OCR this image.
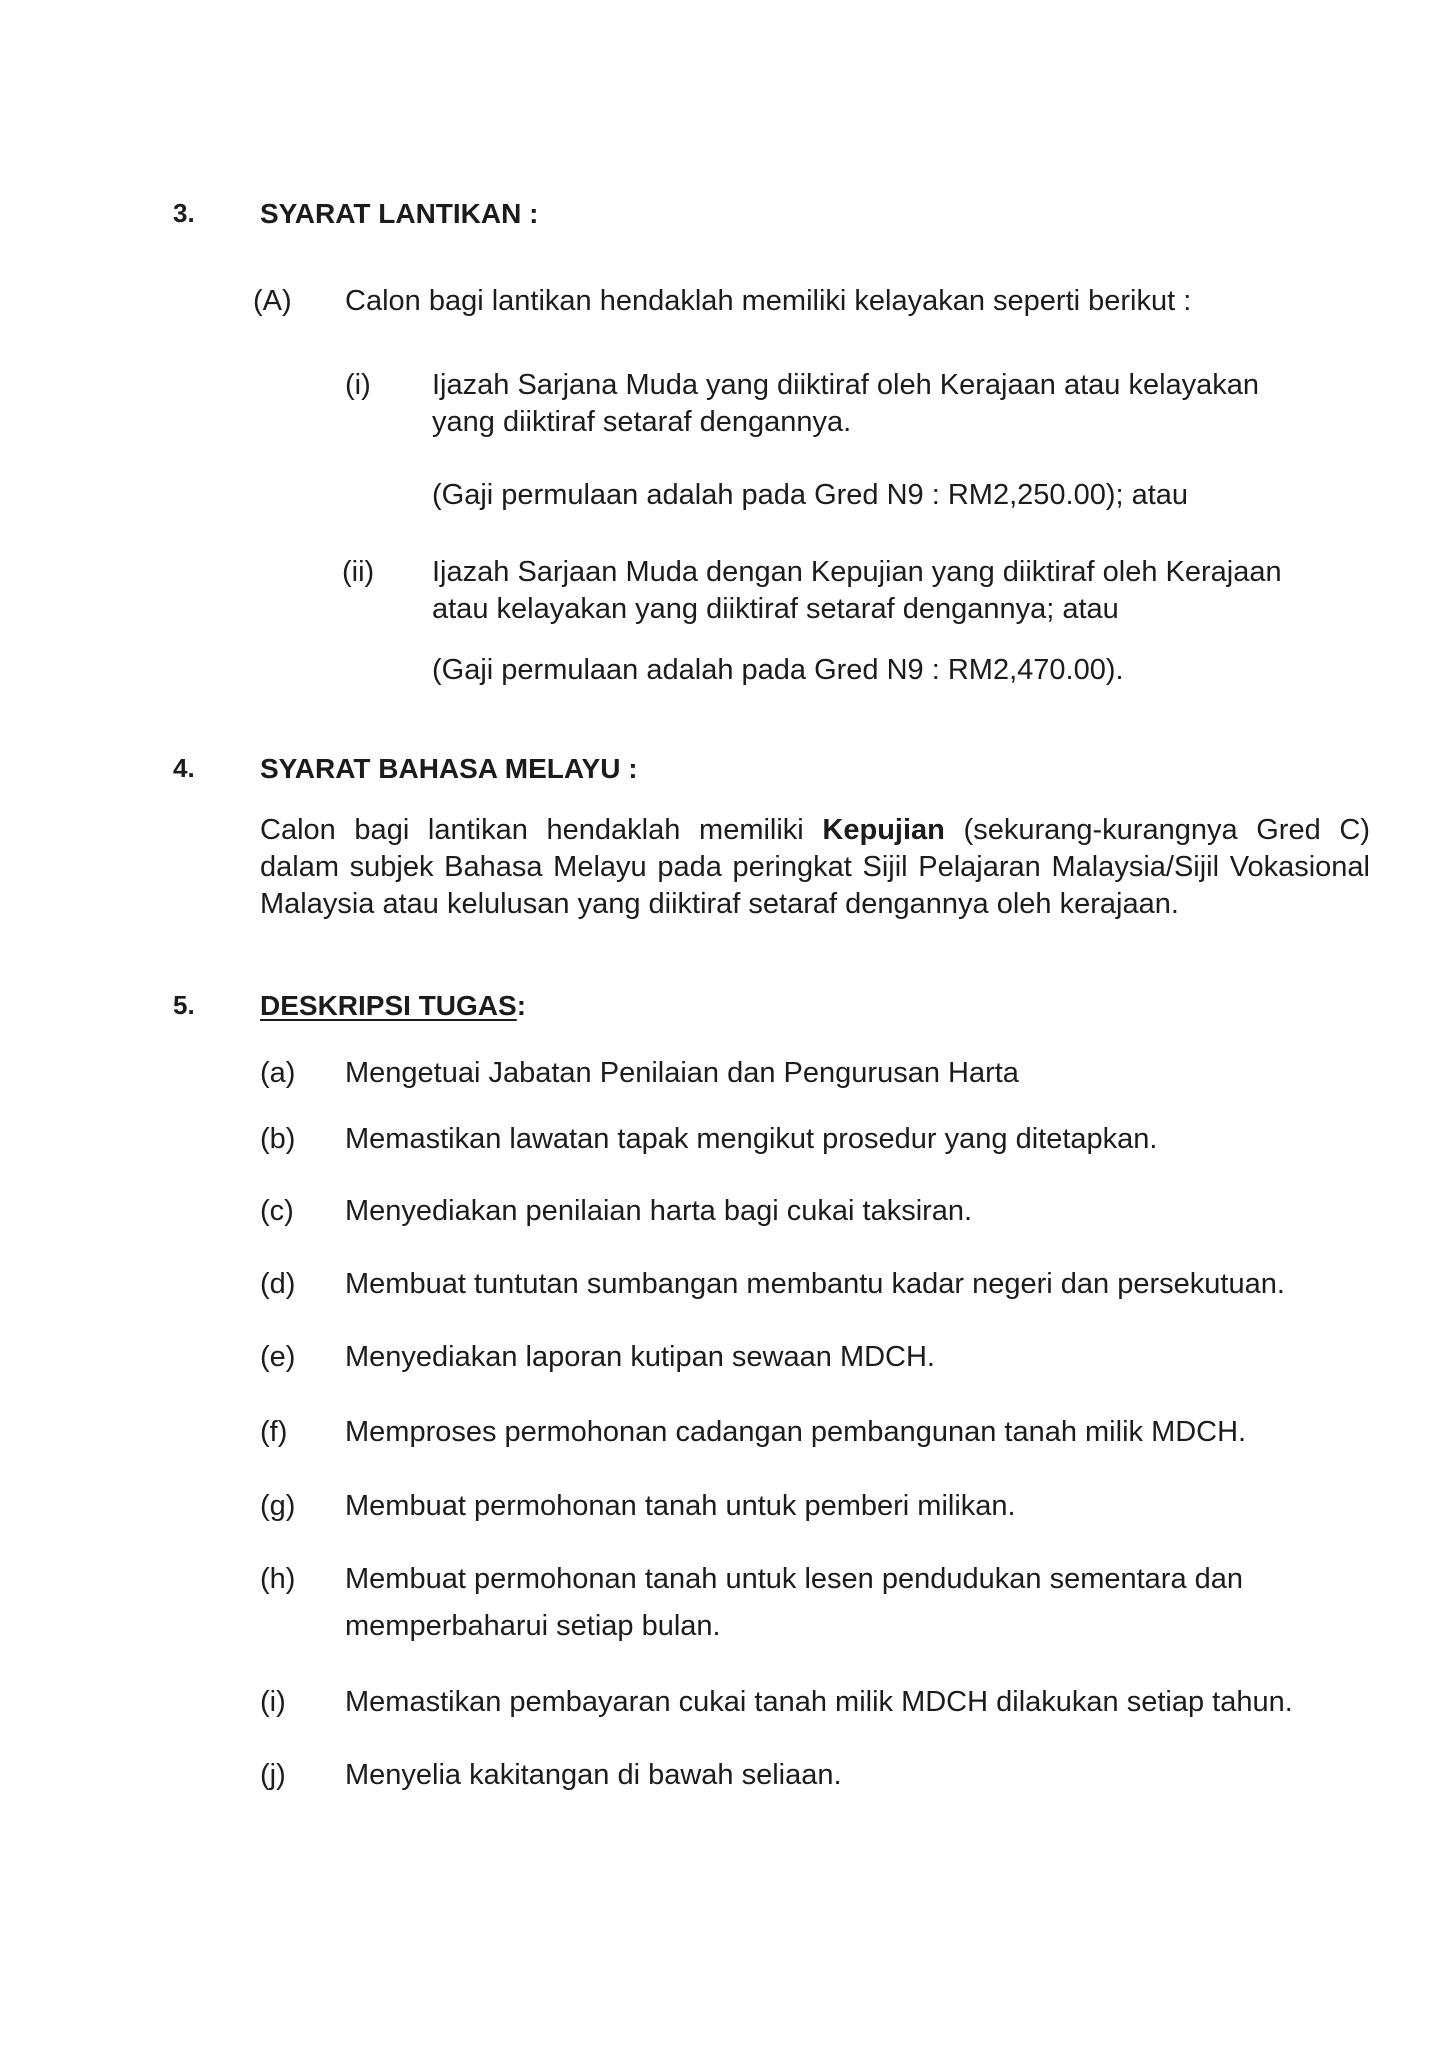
3. SYARAT LANTIKAN :
(A) Calon bagi lantikan hendaklah memiliki kelayakan seperti berikut :
(i) Ijazah Sarjana Muda yang diiktiraf oleh Kerajaan atau kelayakan
yang diiktiraf setaraf dengannya.
(Gaji permulaan adalah pada Gred N9 : RM2,250.00); atau
(ii) Ijazah Sarjaan Muda dengan Kepujian yang diiktiraf oleh Kerajaan
atau kelayakan yang diiktiraf setaraf dengannya; atau
(Gaji permulaan adalah pada Gred N9 : RM2,470.00).
4. SYARAT BAHASA MELAYU :
Calon bagi lantikan hendaklah memiliki Kepujian (sekurang-kurangnya Gred C) dalam subjek Bahasa Melayu pada peringkat Sijil Pelajaran Malaysia/Sijil Vokasional Malaysia atau kelulusan yang diiktiraf setaraf dengannya oleh kerajaan.
5. DESKRIPSI TUGAS:
(a) Mengetuai Jabatan Penilaian dan Pengurusan Harta
(b) Memastikan lawatan tapak mengikut prosedur yang ditetapkan.
(c) Menyediakan penilaian harta bagi cukai taksiran.
(d) Membuat tuntutan sumbangan membantu kadar negeri dan persekutuan.
(e) Menyediakan laporan kutipan sewaan MDCH.
(f) Memproses permohonan cadangan pembangunan tanah milik MDCH.
(g) Membuat permohonan tanah untuk pemberi milikan.
(h) Membuat permohonan tanah untuk lesen pendudukan sementara dan
memperbaharui setiap bulan.
(i) Memastikan pembayaran cukai tanah milik MDCH dilakukan setiap tahun.
(j) Menyelia kakitangan di bawah seliaan.
